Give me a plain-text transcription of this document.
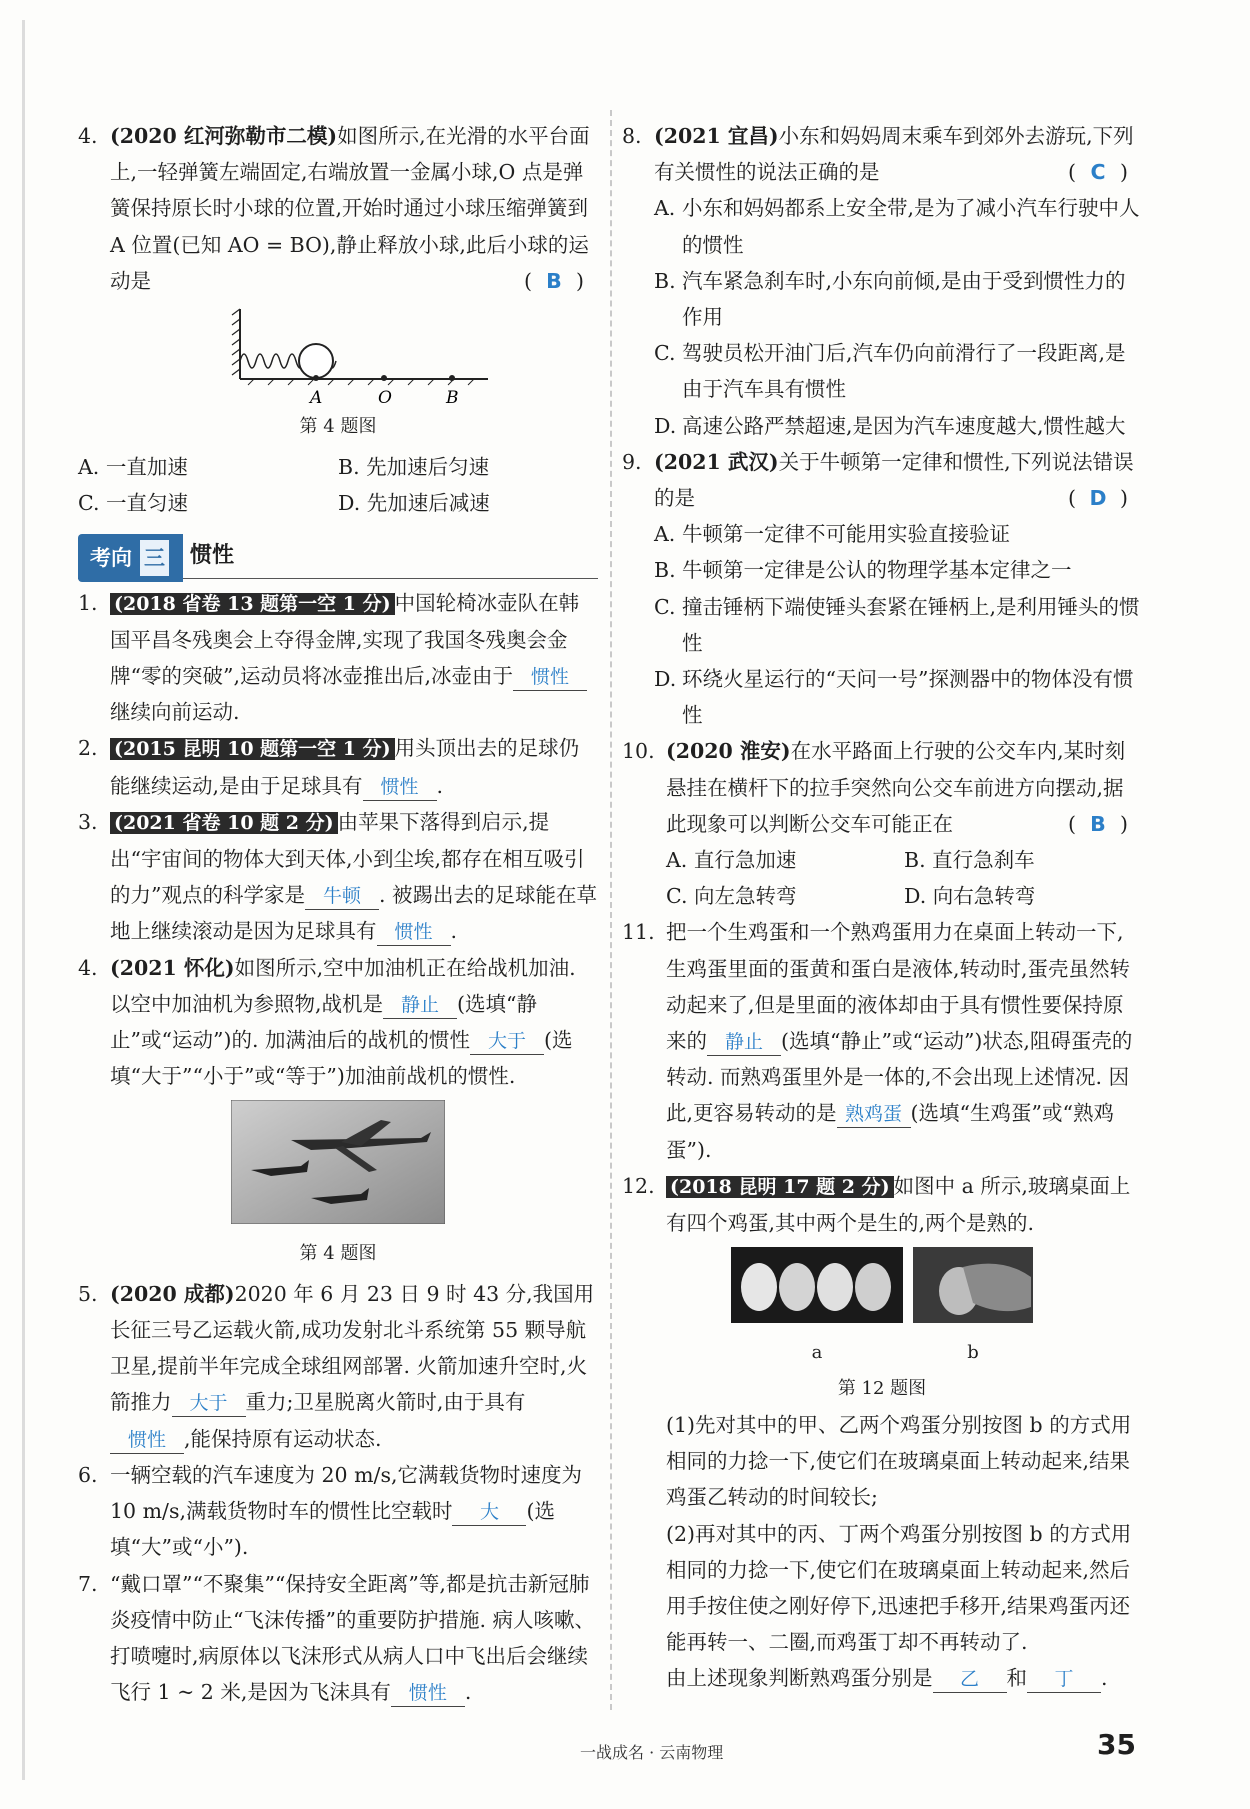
4. (2020 红河弥勒市二模)如图所示,在光滑的水平台面上,一轻弹簧左端固定,右端放置一金属小球,O 点是弹簧保持原长时小球的位置,开始时通过小球压缩弹簧到 A 位置(已知 AO = BO),静止释放小球,此后小球的运动是	( B )
A	O	B
第 4 题图
A. 一直加速	B. 先加速后匀速
C. 一直匀速	D. 先加速后减速
考向 三	惯性
1. (2018 省卷 13 题第一空 1 分) 中国轮椅冰壶队在韩国平昌冬残奥会上夺得金牌,实现了我国冬残奥会金牌“零的突破”,运动员将冰壶推出后,冰壶由于 惯性继续向前运动.
2. (2015 昆明 10 题第一空 1 分) 用头顶出去的足球仍能继续运动,是由于足球具有 惯性 .
3. (2021 省卷 10 题 2 分) 由苹果下落得到启示,提出“宇宙间的物体大到天体,小到尘埃,都存在相互吸引的力”观点的科学家是 牛顿 . 被踢出去的足球能在草地上继续滚动是因为足球具有 惯性 .
4. (2021 怀化)如图所示,空中加油机正在给战机加油. 以空中加油机为参照物,战机是 静止 (选填“静止”或“运动”)的. 加满油后的战机的惯性 大于 (选填“大于”“小于”或“等于”)加油前战机的惯性.
第 4 题图
5. (2020 成都)2020 年 6 月 23 日 9 时 43 分,我国用长征三号乙运载火箭,成功发射北斗系统第 55 颗导航卫星,提前半年完成全球组网部署. 火箭加速升空时,火箭推力 大于 重力;卫星脱离火箭时,由于具有惯性 ,能保持原有运动状态.
6. 一辆空载的汽车速度为 20 m/s,它满载货物时速度为 10 m/s,满载货物时车的惯性比空载时 大 (选填“大”或“小”).
7. “戴口罩”“不聚集”“保持安全距离”等,都是抗击新冠肺炎疫情中防止“飞沫传播”的重要防护措施. 病人咳嗽、打喷嚏时,病原体以飞沫形式从病人口中飞出后会继续飞行 1 ~ 2 米,是因为飞沫具有 惯性 .
8. (2021 宜昌)小东和妈妈周末乘车到郊外去游玩,下列有关惯性的说法正确的是	( C )
A. 小东和妈妈都系上安全带,是为了减小汽车行驶中人的惯性
B. 汽车紧急刹车时,小东向前倾,是由于受到惯性力的作用
C. 驾驶员松开油门后,汽车仍向前滑行了一段距离,是由于汽车具有惯性
D. 高速公路严禁超速,是因为汽车速度越大,惯性越大
9. (2021 武汉)关于牛顿第一定律和惯性,下列说法错误的是	( D )
A. 牛顿第一定律不可能用实验直接验证
B. 牛顿第一定律是公认的物理学基本定律之一
C. 撞击锤柄下端使锤头套紧在锤柄上,是利用锤头的惯性
D. 环绕火星运行的“天问一号”探测器中的物体没有惯性
10. (2020 淮安)在水平路面上行驶的公交车内,某时刻悬挂在横杆下的拉手突然向公交车前进方向摆动,据此现象可以判断公交车可能正在	( B )
A. 直行急加速	B. 直行急刹车
C. 向左急转弯	D. 向右急转弯
11. 把一个生鸡蛋和一个熟鸡蛋用力在桌面上转动一下,生鸡蛋里面的蛋黄和蛋白是液体,转动时,蛋壳虽然转动起来了,但是里面的液体却由于具有惯性要保持原来的 静止 (选填“静止”或“运动”)状态,阻碍蛋壳的转动. 而熟鸡蛋里外是一体的,不会出现上述情况. 因此,更容易转动的是 熟鸡蛋 (选填“生鸡蛋”或“熟鸡蛋”).
12. (2018 昆明 17 题 2 分) 如图中 a 所示,玻璃桌面上有四个鸡蛋,其中两个是生的,两个是熟的.
a	b
第 12 题图
(1)先对其中的甲、乙两个鸡蛋分别按图 b 的方式用相同的力捻一下,使它们在玻璃桌面上转动起来,结果鸡蛋乙转动的时间较长;
(2)再对其中的丙、丁两个鸡蛋分别按图 b 的方式用相同的力捻一下,使它们在玻璃桌面上转动起来,然后用手按住使之刚好停下,迅速把手移开,结果鸡蛋丙还能再转一、二圈,而鸡蛋丁却不再转动了.
由上述现象判断熟鸡蛋分别是 乙 和 丁 .
一战成名 · 云南物理	35
